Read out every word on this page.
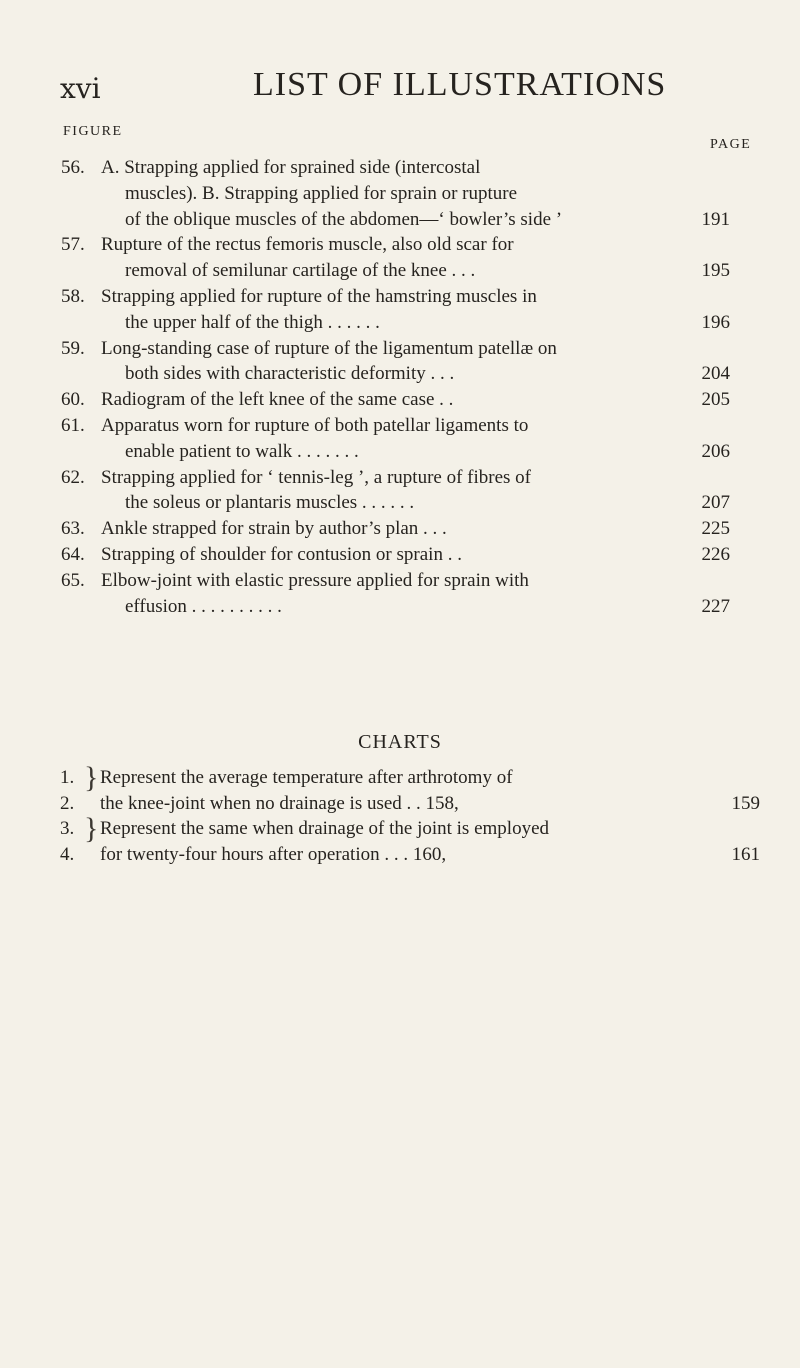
xvi	LIST OF ILLUSTRATIONS
FIGURE
PAGE
56. A. Strapping applied for sprained side (intercostal
muscles). B. Strapping applied for sprain or rupture
of the oblique muscles of the abdomen—‘ bowler’s side ’	191
57. Rupture of the rectus femoris muscle, also old scar for
removal of semilunar cartilage of the knee . . .	195
58. Strapping applied for rupture of the hamstring muscles in
the upper half of the thigh . . . . . .	196
59. Long-standing case of rupture of the ligamentum patellæ on
both sides with characteristic deformity . . .	204
60. Radiogram of the left knee of the same case . .	205
61. Apparatus worn for rupture of both patellar ligaments to
enable patient to walk . . . . . . .	206
62. Strapping applied for ‘ tennis-leg ’, a rupture of fibres of
the soleus or plantaris muscles . . . . . .	207
63. Ankle strapped for strain by author’s plan . . .	225
64. Strapping of shoulder for contusion or sprain . .	226
65. Elbow-joint with elastic pressure applied for sprain with
effusion . . . . . . . . . .	227
CHARTS
1. Represent the average temperature after arthrotomy of
2. the knee-joint when no drainage is used . . 158,	159
3. Represent the same when drainage of the joint is employed
4. for twenty-four hours after operation . . . 160,	161
}
}
